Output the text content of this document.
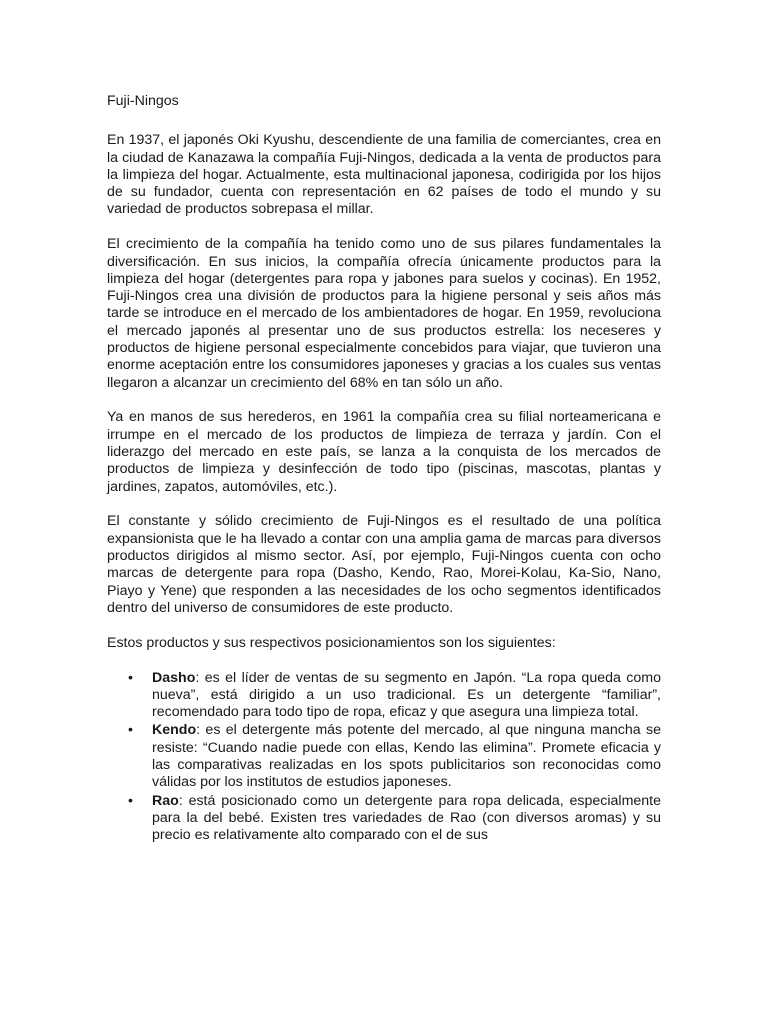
Fuji-Ningos

En 1937, el japonés Oki Kyushu, descendiente de una familia de comerciantes, crea en la ciudad de Kanazawa la compañía Fuji-Ningos, dedicada a la venta de productos para la limpieza del hogar. Actualmente, esta multinacional japonesa, codirigida por los hijos de su fundador, cuenta con representación en 62 países de todo el mundo y su variedad de productos sobrepasa el millar.

El crecimiento de la compañía ha tenido como uno de sus pilares fundamentales la diversificación. En sus inicios, la compañía ofrecía únicamente productos para la limpieza del hogar (detergentes para ropa y jabones para suelos y cocinas). En 1952, Fuji-Ningos crea una división de productos para la higiene personal y seis años más tarde se introduce en el mercado de los ambientadores de hogar. En 1959, revoluciona el mercado japonés al presentar uno de sus productos estrella: los neceseres y productos de higiene personal especialmente concebidos para viajar, que tuvieron una enorme aceptación entre los consumidores japoneses y gracias a los cuales sus ventas llegaron a alcanzar un crecimiento del 68% en tan sólo un año.

Ya en manos de sus herederos, en 1961 la compañía crea su filial norteamericana e irrumpe en el mercado de los productos de limpieza de terraza y jardín. Con el liderazgo del mercado en este país, se lanza a la conquista de los mercados de productos de limpieza y desinfección de todo tipo (piscinas, mascotas, plantas y jardines, zapatos, automóviles, etc.).

El constante y sólido crecimiento de Fuji-Ningos es el resultado de una política expansionista que le ha llevado a contar con una amplia gama de marcas para diversos productos dirigidos al mismo sector. Así, por ejemplo, Fuji-Ningos cuenta con ocho marcas de detergente para ropa (Dasho, Kendo, Rao, Morei-Kolau, Ka-Sio, Nano, Piayo y Yene) que responden a las necesidades de los ocho segmentos identificados dentro del universo de consumidores de este producto.

Estos productos y sus respectivos posicionamientos son los siguientes:

• Dasho: es el líder de ventas de su segmento en Japón. “La ropa queda como nueva”, está dirigido a un uso tradicional. Es un detergente “familiar”, recomendado para todo tipo de ropa, eficaz y que asegura una limpieza total.
• Kendo: es el detergente más potente del mercado, al que ninguna mancha se resiste: “Cuando nadie puede con ellas, Kendo las elimina”. Promete eficacia y las comparativas realizadas en los spots publicitarios son reconocidas como válidas por los institutos de estudios japoneses.
• Rao: está posicionado como un detergente para ropa delicada, especialmente para la del bebé. Existen tres variedades de Rao (con diversos aromas) y su precio es relativamente alto comparado con el de sus
